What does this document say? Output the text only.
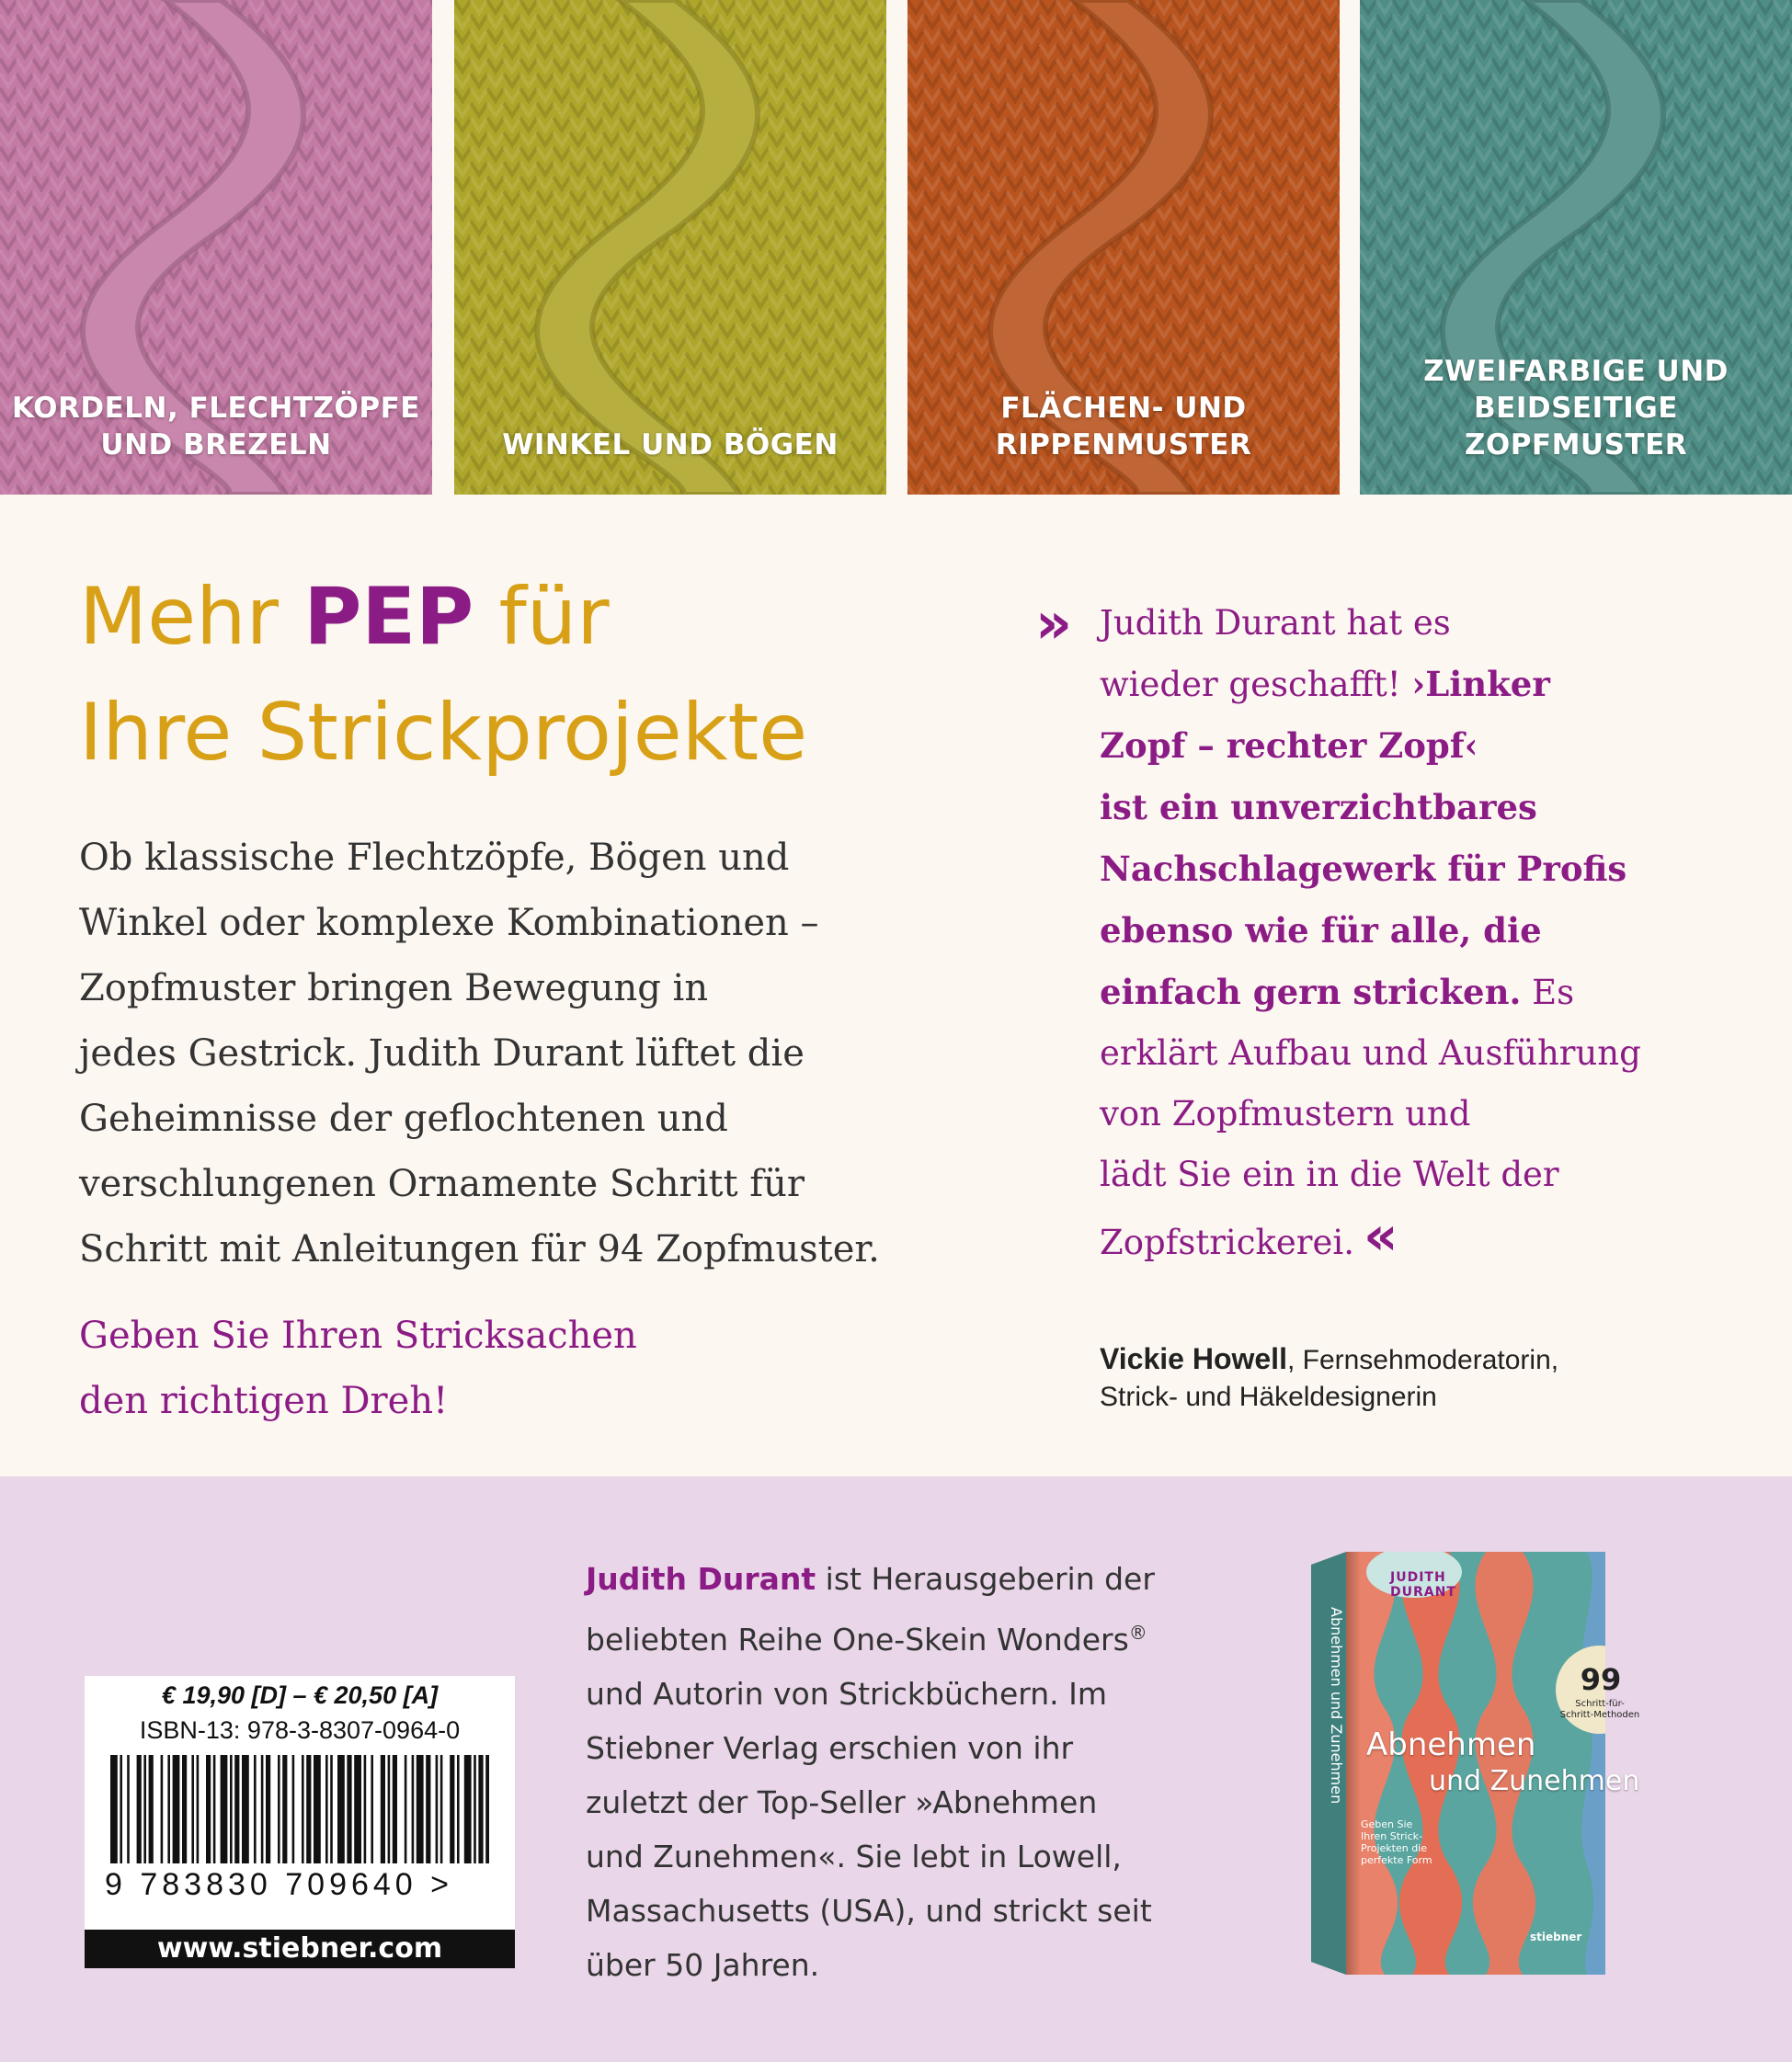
KORDELN, FLECHTZÖPFE
UND BREZELN	WINKEL UND BÖGEN
FLÄCHEN- UND
RIPPENMUSTER
ZWEIFARBIGE UND
BEIDSEITIGE ZOPFMUSTER
Mehr PEP für
Ihre Strickprojekte
Ob klassische Flechtzöpfe, Bögen und
Winkel oder komplexe Kombinationen –
Zopfmuster bringen Bewegung in
jedes Gestrick. Judith Durant lüftet die
Geheimnisse der geflochtenen und
verschlungenen Ornamente Schritt für
Schritt mit Anleitungen für 94 Zopfmuster.
Geben Sie Ihren Stricksachen
den richtigen Dreh!
» Judith Durant hat es
wieder geschafft! ›Linker
Zopf – rechter Zopf‹
ist ein unverzichtbares
Nachschlagewerk für Profis
ebenso wie für alle, die
einfach gern stricken. Es
erklärt Aufbau und Ausführung
von Zopfmustern und
lädt Sie ein in die Welt der
Zopfstrickerei. «
Vickie Howell, Fernsehmoderatorin,
Strick- und Häkeldesignerin
€ 19,90 [D] – € 20,50 [A]
ISBN-13: 978-3-8307-0964-0
9 783830 709640 >
www.stiebner.com
Judith Durant ist Herausgeberin der
beliebten Reihe One-Skein Wonders®
und Autorin von Strickbüchern. Im
Stiebner Verlag erschien von ihr
zuletzt der Top-Seller »Abnehmen
und Zunehmen«. Sie lebt in Lowell,
Massachusetts (USA), und strickt seit
über 50 Jahren.
Abnehmen und Zunehmen
JUDITH
DURANT
99
Schritt-für-Schritt-Methoden
Abnehmen
und Zunehmen
Geben Sie Ihren Strick-Projekten die perfekte Form
stiebner
